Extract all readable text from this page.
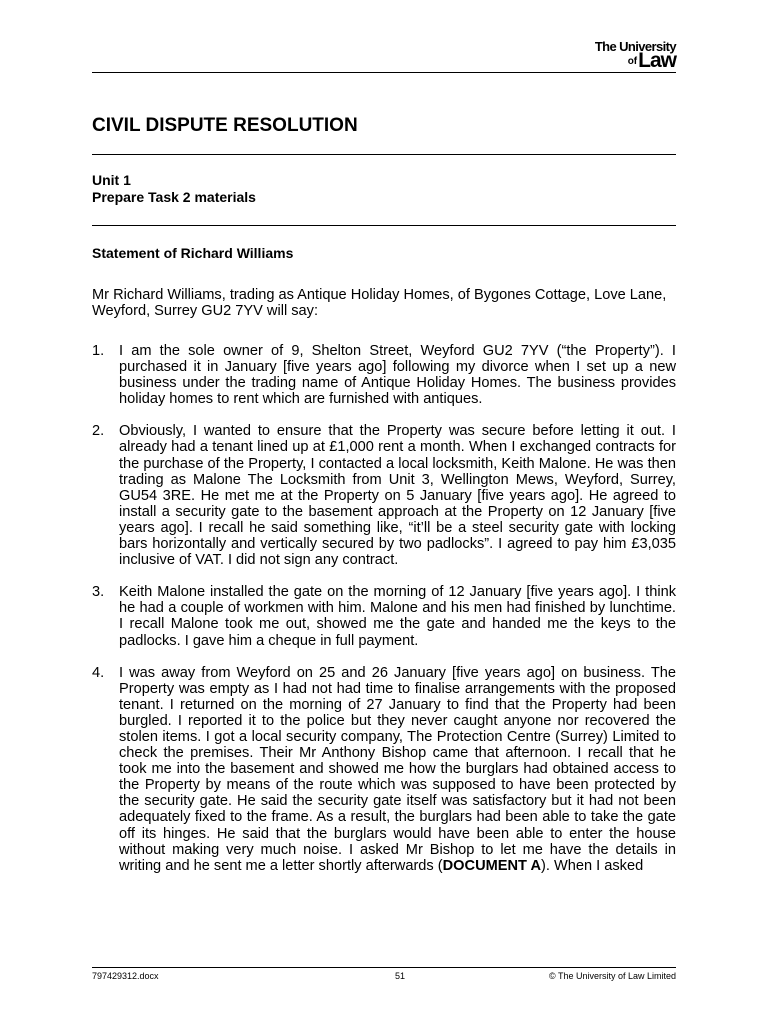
The University
ofLaw
CIVIL DISPUTE RESOLUTION
Unit 1
Prepare Task 2 materials
Statement of Richard Williams

Mr Richard Williams, trading as Antique Holiday Homes, of Bygones Cottage, Love Lane, Weyford, Surrey GU2 7YV will say:

1. I am the sole owner of 9, Shelton Street, Weyford GU2 7YV (“the Property”). I purchased it in January [five years ago] following my divorce when I set up a new business under the trading name of Antique Holiday Homes. The business provides holiday homes to rent which are furnished with antiques.
2. Obviously, I wanted to ensure that the Property was secure before letting it out. I already had a tenant lined up at £1,000 rent a month. When I exchanged contracts for the purchase of the Property, I contacted a local locksmith, Keith Malone. He was then trading as Malone The Locksmith from Unit 3, Wellington Mews, Weyford, Surrey, GU54 3RE. He met me at the Property on 5 January [five years ago]. He agreed to install a security gate to the basement approach at the Property on 12 January [five years ago]. I recall he said something like, “it’ll be a steel security gate with locking bars horizontally and vertically secured by two padlocks”. I agreed to pay him £3,035 inclusive of VAT. I did not sign any contract.
3. Keith Malone installed the gate on the morning of 12 January [five years ago]. I think he had a couple of workmen with him. Malone and his men had finished by lunchtime. I recall Malone took me out, showed me the gate and handed me the keys to the padlocks. I gave him a cheque in full payment.
4. I was away from Weyford on 25 and 26 January [five years ago] on business. The Property was empty as I had not had time to finalise arrangements with the proposed tenant. I returned on the morning of 27 January to find that the Property had been burgled. I reported it to the police but they never caught anyone nor recovered the stolen items. I got a local security company, The Protection Centre (Surrey) Limited to check the premises. Their Mr Anthony Bishop came that afternoon. I recall that he took me into the basement and showed me how the burglars had obtained access to the Property by means of the route which was supposed to have been protected by the security gate. He said the security gate itself was satisfactory but it had not been adequately fixed to the frame. As a result, the burglars had been able to take the gate off its hinges. He said that the burglars would have been able to enter the house without making very much noise. I asked Mr Bishop to let me have the details in writing and he sent me a letter shortly afterwards (DOCUMENT A). When I asked
797429312.docx	51	© The University of Law Limited
